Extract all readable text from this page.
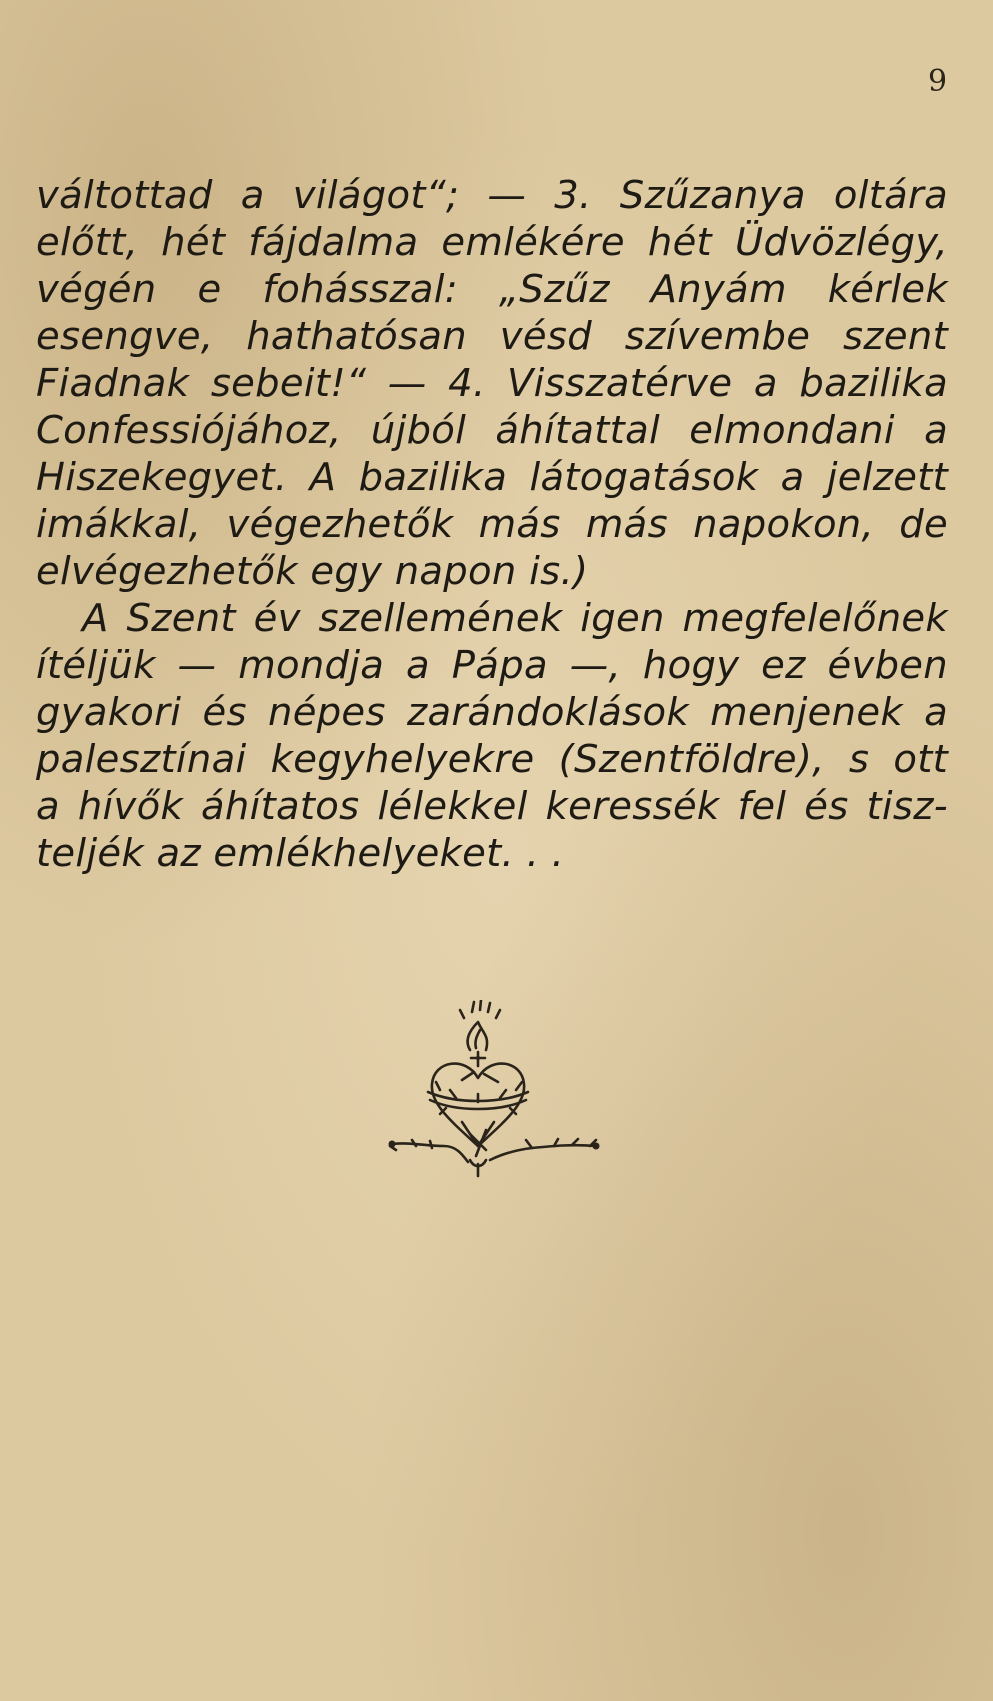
9
váltottad a világot“; — 3. Szűzanya oltára
előtt, hét fájdalma emlékére hét Üdvözlégy,
végén e fohásszal: „Szűz Anyám kérlek
esengve, hathatósan vésd szívembe szent
Fiadnak sebeit!“ — 4. Visszatérve a bazilika
Confessiójához, újból áhítattal elmondani a
Hiszekegyet. A bazilika látogatások a jelzett
imákkal, végezhetők más más napokon, de
elvégezhetők egy napon is.)
A Szent év szellemének igen megfelelőnek
ítéljük — mondja a Pápa —, hogy ez évben
gyakori és népes zarándoklások menjenek a
palesztínai kegyhelyekre (Szentföldre), s ott
a hívők áhítatos lélekkel keressék fel és tisz-
teljék az emlékhelyeket. . .
